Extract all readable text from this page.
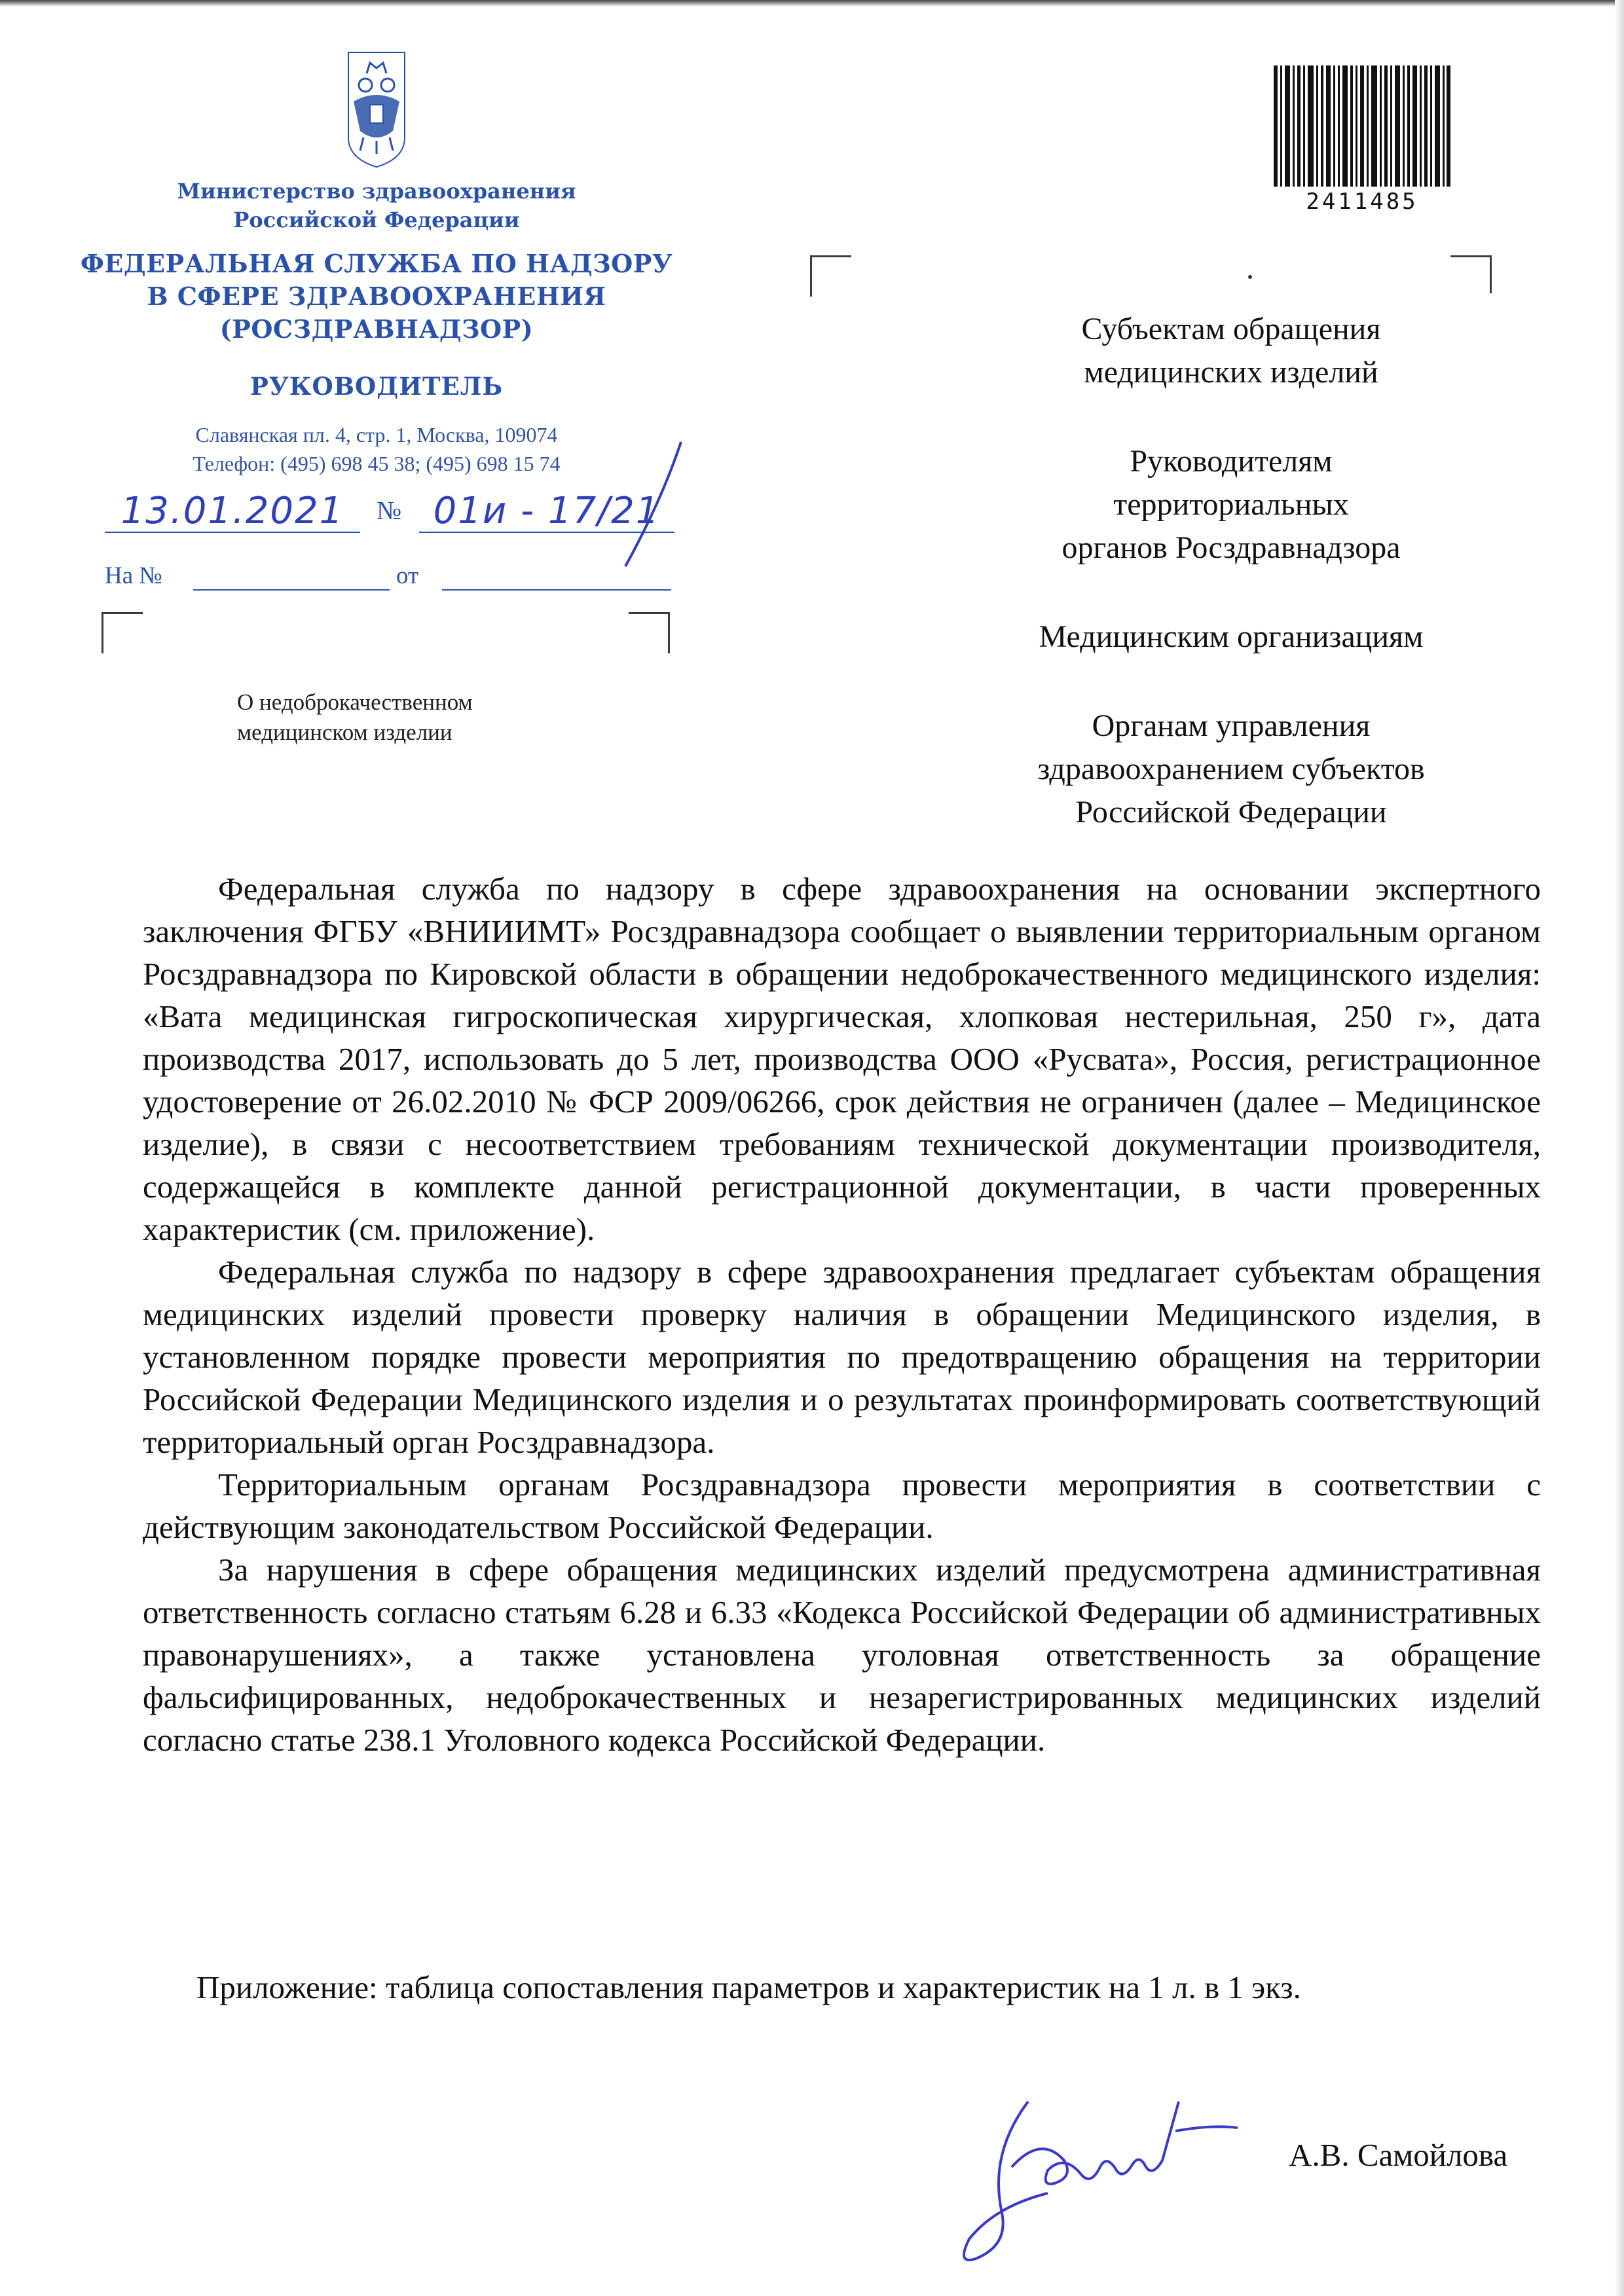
Министерство здравоохранения
Российской Федерации
ФЕДЕРАЛЬНАЯ СЛУЖБА ПО НАДЗОРУ
В СФЕРЕ ЗДРАВООХРАНЕНИЯ
(РОСЗДРАВНАДЗОР)
РУКОВОДИТЕЛЬ
Славянская пл. 4, стр. 1, Москва, 109074
Телефон: (495) 698 45 38; (495) 698 15 74
13.01.2021	№ 01и - 17/21
На №	от
О недоброкачественном
медицинском изделии
2411485
Субъектам обращения
медицинских изделий
Руководителям
территориальных
органов Росздравнадзора
Медицинским организациям
Органам управления
здравоохранением субъектов
Российской Федерации

Федеральная служба по надзору в сфере здравоохранения на основании экспертного заключения ФГБУ «ВНИИИМТ» Росздравнадзора сообщает о выявлении территориальным органом Росздравнадзора по Кировской области в обращении недоброкачественного медицинского изделия: «Вата медицинская гигроскопическая хирургическая, хлопковая нестерильная, 250 г», дата производства 2017, использовать до 5 лет, производства ООО «Русвата», Россия, регистрационное удостоверение от 26.02.2010 № ФСР 2009/06266, срок действия не ограничен (далее – Медицинское изделие), в связи с несоответствием требованиям технической документации производителя, содержащейся в комплекте данной регистрационной документации, в части проверенных характеристик (см. приложение).

Федеральная служба по надзору в сфере здравоохранения предлагает субъектам обращения медицинских изделий провести проверку наличия в обращении Медицинского изделия, в установленном порядке провести мероприятия по предотвращению обращения на территории Российской Федерации Медицинского изделия и о результатах проинформировать соответствующий территориальный орган Росздравнадзора.

Территориальным органам Росздравнадзора провести мероприятия в соответствии с действующим законодательством Российской Федерации.

За нарушения в сфере обращения медицинских изделий предусмотрена административная ответственность согласно статьям 6.28 и 6.33 «Кодекса Российской Федерации об административных правонарушениях», а также установлена уголовная ответственность за обращение фальсифицированных, недоброкачественных и незарегистрированных медицинских изделий согласно статье 238.1 Уголовного кодекса Российской Федерации.

Приложение: таблица сопоставления параметров и характеристик на 1 л. в 1 экз.
А.В. Самойлова
